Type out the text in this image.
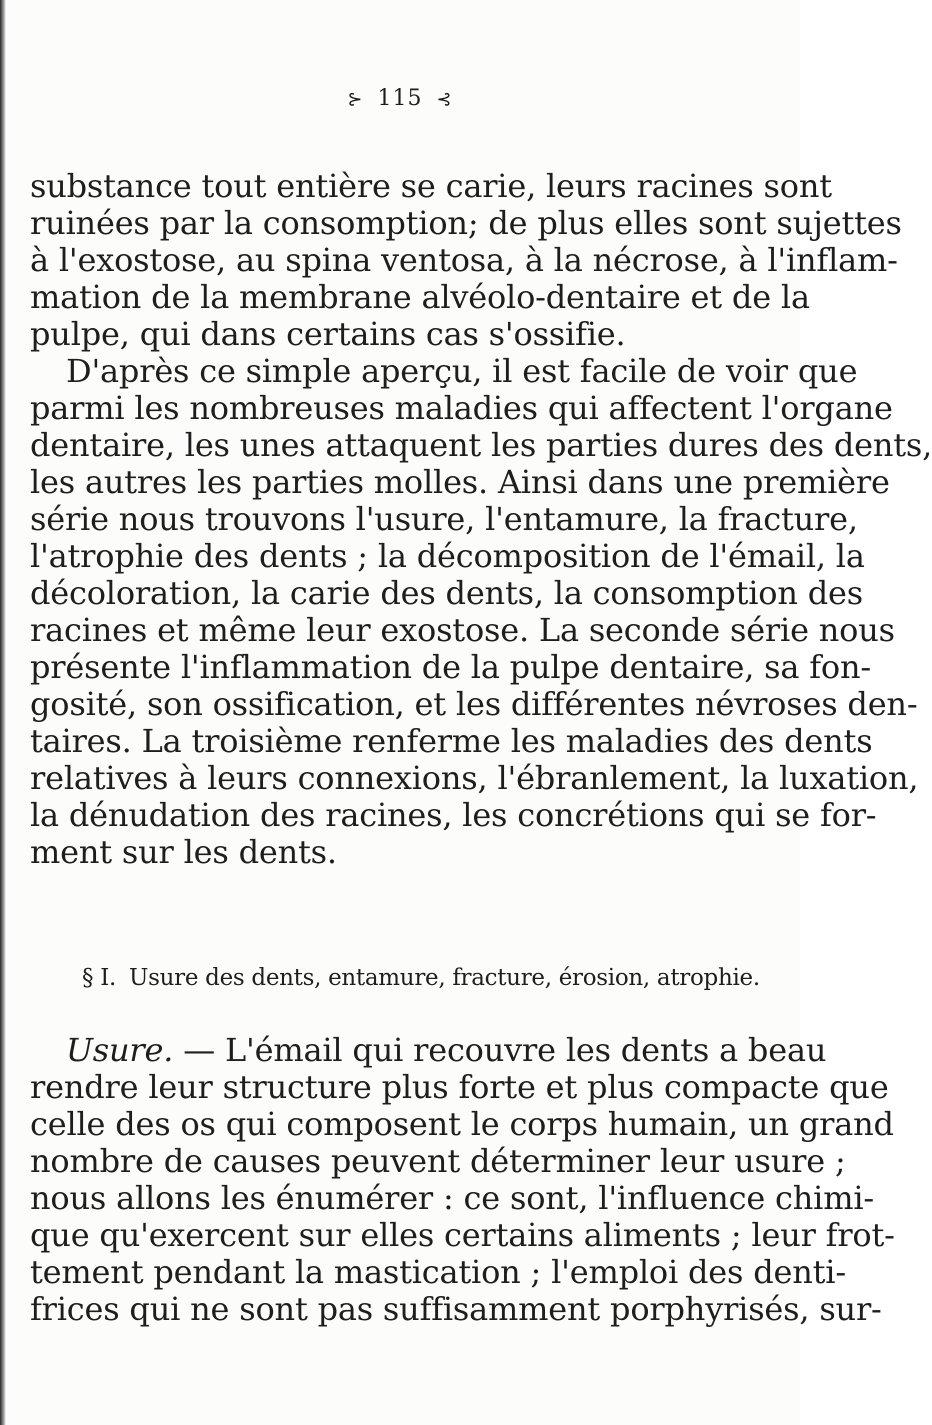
⊱ 115 ⊰
substance tout entière se carie, leurs racines sont
ruinées par la consomption; de plus elles sont sujettes
à l'exostose, au spina ventosa, à la nécrose, à l'inflam-
mation de la membrane alvéolo-dentaire et de la
pulpe, qui dans certains cas s'ossifie.
D'après ce simple aperçu, il est facile de voir que
parmi les nombreuses maladies qui affectent l'organe
dentaire, les unes attaquent les parties dures des dents,
les autres les parties molles. Ainsi dans une première
série nous trouvons l'usure, l'entamure, la fracture,
l'atrophie des dents ; la décomposition de l'émail, la
décoloration, la carie des dents, la consomption des
racines et même leur exostose. La seconde série nous
présente l'inflammation de la pulpe dentaire, sa fon-
gosité, son ossification, et les différentes névroses den-
taires. La troisième renferme les maladies des dents
relatives à leurs connexions, l'ébranlement, la luxation,
la dénudation des racines, les concrétions qui se for-
ment sur les dents.
§ I. Usure des dents, entamure, fracture, érosion, atrophie.
Usure. — L'émail qui recouvre les dents a beau
rendre leur structure plus forte et plus compacte que
celle des os qui composent le corps humain, un grand
nombre de causes peuvent déterminer leur usure ;
nous allons les énumérer : ce sont, l'influence chimi-
que qu'exercent sur elles certains aliments ; leur frot-
tement pendant la mastication ; l'emploi des denti-
frices qui ne sont pas suffisamment porphyrisés, sur-
